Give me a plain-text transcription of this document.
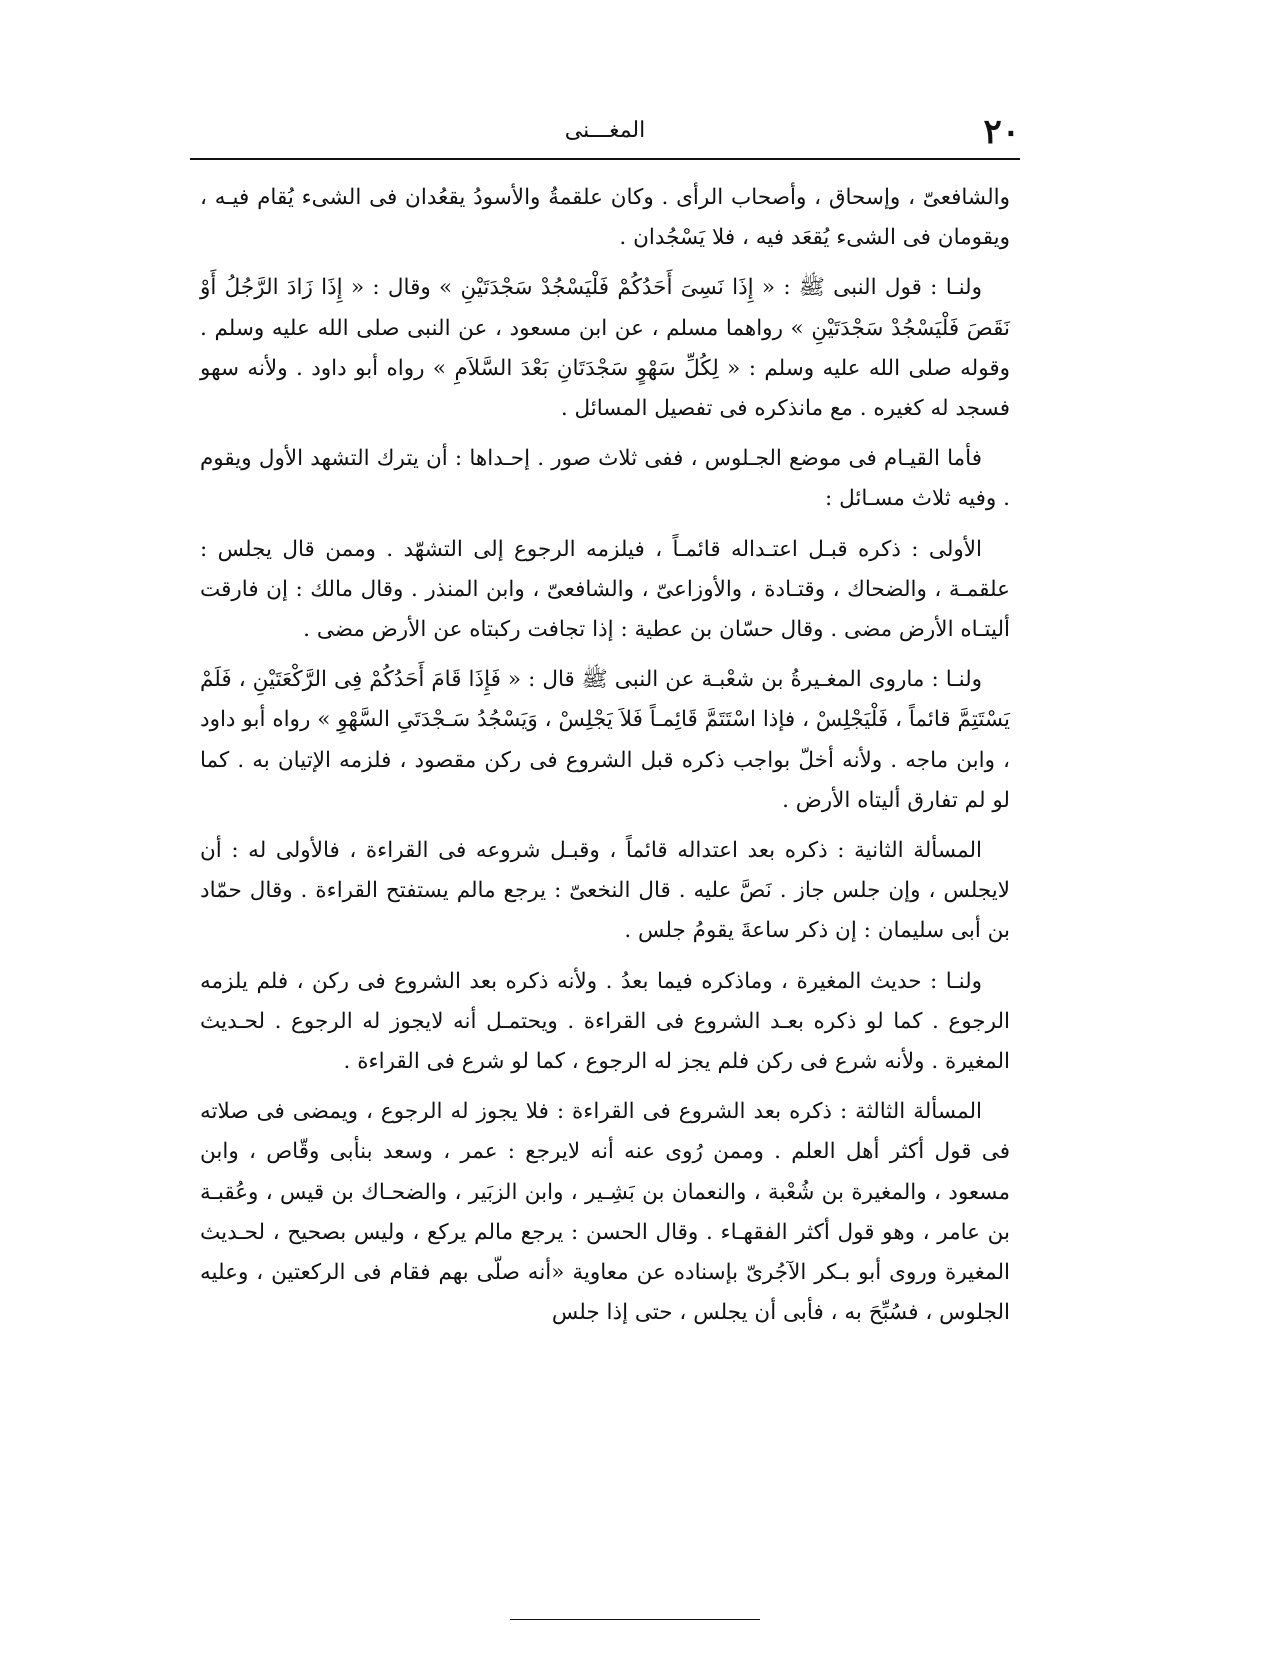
٢٠
المغـــنى

والشافعىّ ، وإسحاق ، وأصحاب الرأى . وكان علقمةُ والأسودُ يقعُدان فى الشىء يُقام فيـه ، ويقومان فى الشىء يُقعَد فيه ، فلا يَسْجُدان .

ولنـا : قول النبى ﷺ : « إِذَا نَسِىَ أَحَدُكُمْ فَلْيَسْجُدْ سَجْدَتَيْنِ » وقال : « إِذَا زَادَ الرَّجُلُ أَوْ نَقَصَ فَلْيَسْجُدْ سَجْدَتَيْنِ » رواهما مسلم ، عن ابن مسعود ، عن النبى صلى الله عليه وسلم . وقوله صلى الله عليه وسلم : « لِكُلِّ سَهْوٍ سَجْدَتَانِ بَعْدَ السَّلاَمِ » رواه أبو داود . ولأنه سهو فسجد له كغيره . مع مانذكره فى تفصيل المسائل .

فأما القيـام فى موضع الجـلوس ، ففى ثلاث صور . إحـداها : أن يترك التشهد الأول ويقوم . وفيه ثلاث مسـائل :

الأولى : ذكره قبـل اعتـداله قائمـاً ، فيلزمه الرجوع إلى التشهّد . وممن قال يجلس : علقمـة ، والضحاك ، وقتـادة ، والأوزاعىّ ، والشافعىّ ، وابن المنذر . وقال مالك : إن فارقت أليتـاه الأرض مضى . وقال حسّان بن عطية : إذا تجافت ركبتاه عن الأرض مضى .

ولنـا : ماروى المغـيرةُ بن شعْبـة عن النبى ﷺ قال : « فَإِذَا قَامَ أَحَدُكُمْ فِى الرَّكْعَتَيْنِ ، فَلَمْ يَسْتَتِمَّ قائماً ، فَلْيَجْلِسْ ، فإذا اسْتَتَمَّ قَائِمـاً فَلاَ يَجْلِسْ ، وَيَسْجُدُ سَـجْدَتَىِ السَّهْوِ » رواه أبو داود ، وابن ماجه . ولأنه أخلّ بواجب ذكره قبل الشروع فى ركن مقصود ، فلزمه الإتيان به . كما لو لم تفارق أليتاه الأرض .

المسألة الثانية : ذكره بعد اعتداله قائماً ، وقبـل شروعه فى القراءة ، فالأولى له : أن لايجلس ، وإن جلس جاز . نَصَّ عليه . قال النخعىّ : يرجع مالم يستفتح القراءة . وقال حمّاد بن أبى سليمان : إن ذكر ساعةَ يقومُ جلس .

ولنـا : حديث المغيرة ، وماذكره فيما بعدُ . ولأنه ذكره بعد الشروع فى ركن ، فلم يلزمه الرجوع . كما لو ذكره بعـد الشروع فى القراءة . ويحتمـل أنه لايجوز له الرجوع . لحـديث المغيرة . ولأنه شرع فى ركن فلم يجز له الرجوع ، كما لو شرع فى القراءة .

المسألة الثالثة : ذكره بعد الشروع فى القراءة : فلا يجوز له الرجوع ، ويمضى فى صلاته فى قول أكثر أهل العلم . وممن رُوى عنه أنه لايرجع : عمر ، وسعد بنأبى وقّاص ، وابن مسعود ، والمغيرة بن شُعْبة ، والنعمان بن بَشِـير ، وابن الزبَير ، والضحـاك بن قيس ، وعُقبـة بن عامر ، وهو قول أكثر الفقهـاء . وقال الحسن : يرجع مالم يركع ، وليس بصحيح ، لحـديث المغيرة وروى أبو بـكر الآجُرىّ بإسناده عن معاوية «أنه صلّى بهم فقام فى الركعتين ، وعليه الجلوس ، فسُبِّحَ به ، فأبى أن يجلس ، حتى إذا جلس
